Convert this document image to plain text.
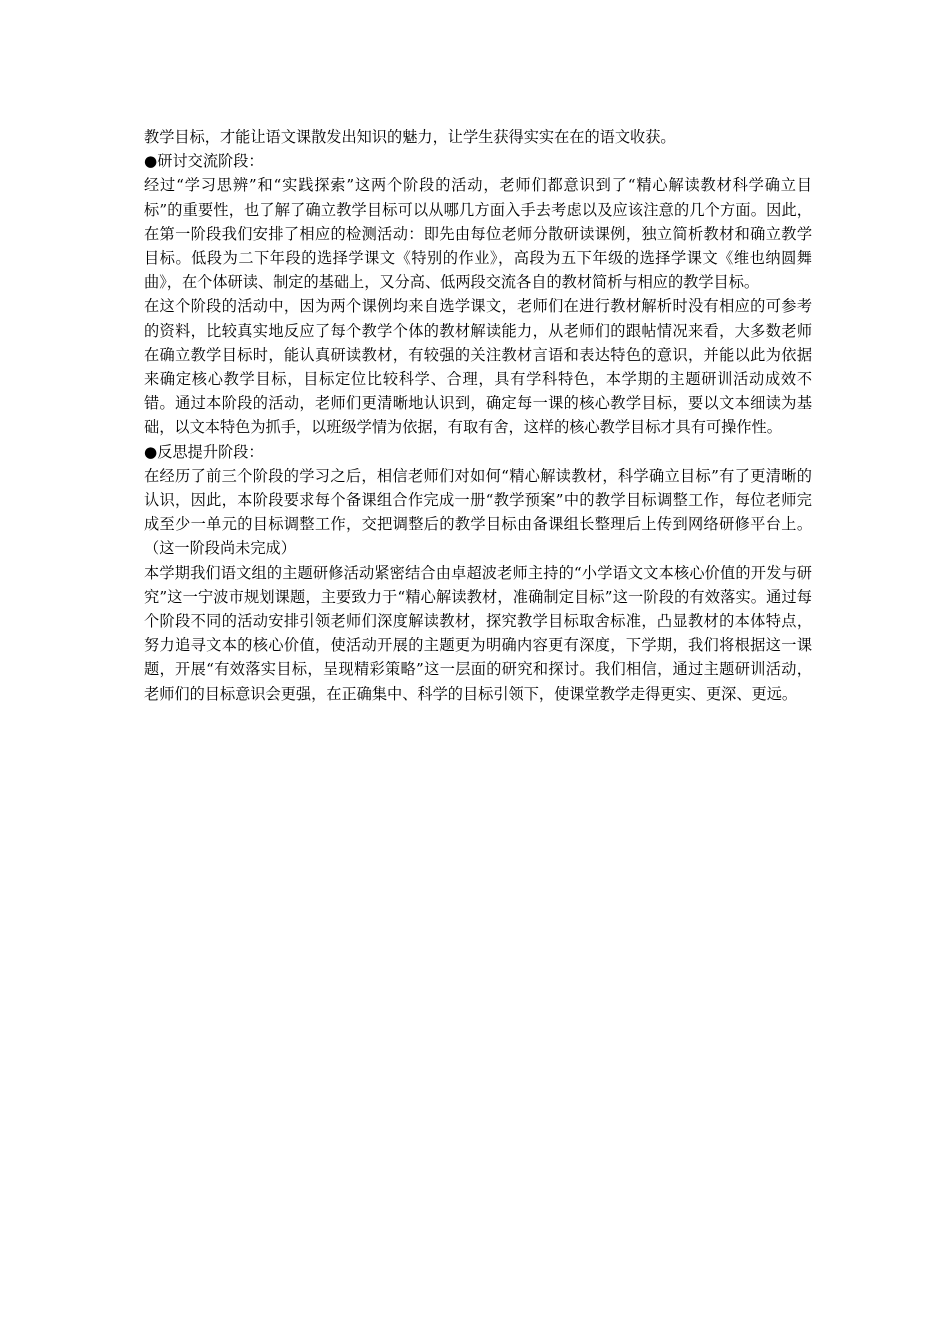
教学目标，才能让语文课散发出知识的魅力，让学生获得实实在在的语文收获。

●研讨交流阶段：

经过“学习思辨”和“实践探索”这两个阶段的活动，老师们都意识到了“精心解读教材科学确立目标”的重要性，也了解了确立教学目标可以从哪几方面入手去考虑以及应该注意的几个方面。因此，在第一阶段我们安排了相应的检测活动：即先由每位老师分散研读课例，独立简析教材和确立教学目标。低段为二下年段的选择学课文《特别的作业》，高段为五下年级的选择学课文《维也纳圆舞曲》，在个体研读、制定的基础上，又分高、低两段交流各自的教材简析与相应的教学目标。

在这个阶段的活动中，因为两个课例均来自选学课文，老师们在进行教材解析时没有相应的可参考的资料，比较真实地反应了每个教学个体的教材解读能力，从老师们的跟帖情况来看，大多数老师在确立教学目标时，能认真研读教材，有较强的关注教材言语和表达特色的意识，并能以此为依据来确定核心教学目标，目标定位比较科学、合理，具有学科特色，本学期的主题研训活动成效不错。通过本阶段的活动，老师们更清晰地认识到，确定每一课的核心教学目标，要以文本细读为基础，以文本特色为抓手，以班级学情为依据，有取有舍，这样的核心教学目标才具有可操作性。

●反思提升阶段：

在经历了前三个阶段的学习之后，相信老师们对如何“精心解读教材，科学确立目标”有了更清晰的认识，因此，本阶段要求每个备课组合作完成一册“教学预案”中的教学目标调整工作，每位老师完成至少一单元的目标调整工作，交把调整后的教学目标由备课组长整理后上传到网络研修平台上。（这一阶段尚未完成）

本学期我们语文组的主题研修活动紧密结合由卓超波老师主持的“小学语文文本核心价值的开发与研究”这一宁波市规划课题，主要致力于“精心解读教材，准确制定目标”这一阶段的有效落实。通过每个阶段不同的活动安排引领老师们深度解读教材，探究教学目标取舍标准，凸显教材的本体特点，努力追寻文本的核心价值，使活动开展的主题更为明确内容更有深度，下学期，我们将根据这一课题，开展“有效落实目标，呈现精彩策略”这一层面的研究和探讨。我们相信，通过主题研训活动，老师们的目标意识会更强，在正确集中、科学的目标引领下，使课堂教学走得更实、更深、更远。
